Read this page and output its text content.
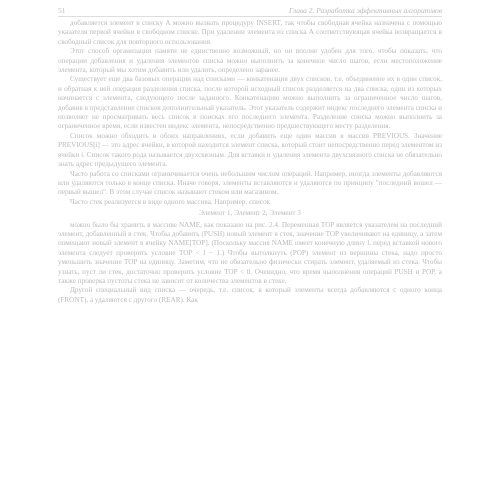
51	Глава 2. Разработка эффективных алгоритмов

добавляется элемент в списку А можно вызвать процедуру INSERT, так чтобы свободная ячейка назначена с помощью указателя первой ячейки в свободном списке. При удалении элемента из списка А соответствующая ячейка возвращается в свободный список для повторного использования.

Этот способ организации памяти не единственно возможный, но он вполне удобен для того, чтобы показать, что операции добавления и удаления элементов списка можно выполнить за конечное число шагов, если местоположение элемента, который мы хотим добавить или удалить, определено заранее.

Существует еще два базовых операции над списками — конкатенация двух списков, т.е. объединение их в один список, и обратная к ней операция разделения списка, после которой исходный список разделяется на два списка, один из которых начинается с элемента, следующего после заданного. Конкатенацию можно выполнить за ограниченное число шагов, добавив в представление списков дополнительный указатель. Этот указатель содержит индекс последнего элемента списка и позволяет не просматривать весь список в поисках его последнего элемента. Разделение списка можно выполнить за ограниченное время, если известен индекс элемента, непосредственно предшествующего месту разделения.

Список можно обходить в обоих направлениях, если добавить еще один массив в массив PREVIOUS. Значение PREVIOUS[i] — это адрес ячейки, в которой находится элемент списка, который стоит непосредственно перед элементом из ячейки i. Список такого рода называется двухсвязным. Для вставки и удаления элемента двухсвязного списка не обязательно знать адрес предыдущего элемента.

Часто работа со списками ограничивается очень небольшим числом операций. Например, иногда элементы добавляются или удаляются только в конце списка. Иначе говоря, элементы вставляются и удаляются по принципу "последний вошел — первый вышел". В этом случае список называют стеком или магазином.

Часто стек реализуется в виде одного массива. Например, список

Элемент 1, Элемент 2, Элемент 3

можно было бы хранить в массиве NAME, как показано на рис. 2.4. Переменная TOP является указателем на последний элемент, добавленный в стек. Чтобы добавить (PUSH) новый элемент в стек, значение TOP увеличивают на единицу, а затем помещают новый элемент в ячейку NAME[TOP]. (Поскольку массив NAME имеет конечную длину l, перед вставкой нового элемента следует проверить условие TOP < l − 1.) Чтобы вытолкнуть (POP) элемент из вершины стека, надо просто уменьшить значение TOP на единицу. Заметим, что не обязательно физически стирать элемент, удаляемый из стека. Чтобы узнать, пуст ли стек, достаточно проверить условие TOP < 0. Очевидно, что время выполнения операций PUSH и POP, а также проверка пустоты стека не зависит от количества элементов в стеке.

Другой специальный вид списка — очередь, т.е. список, в который элементы всегда добавляются с одного конца (FRONT), а удаляются с другого (REAR). Как
